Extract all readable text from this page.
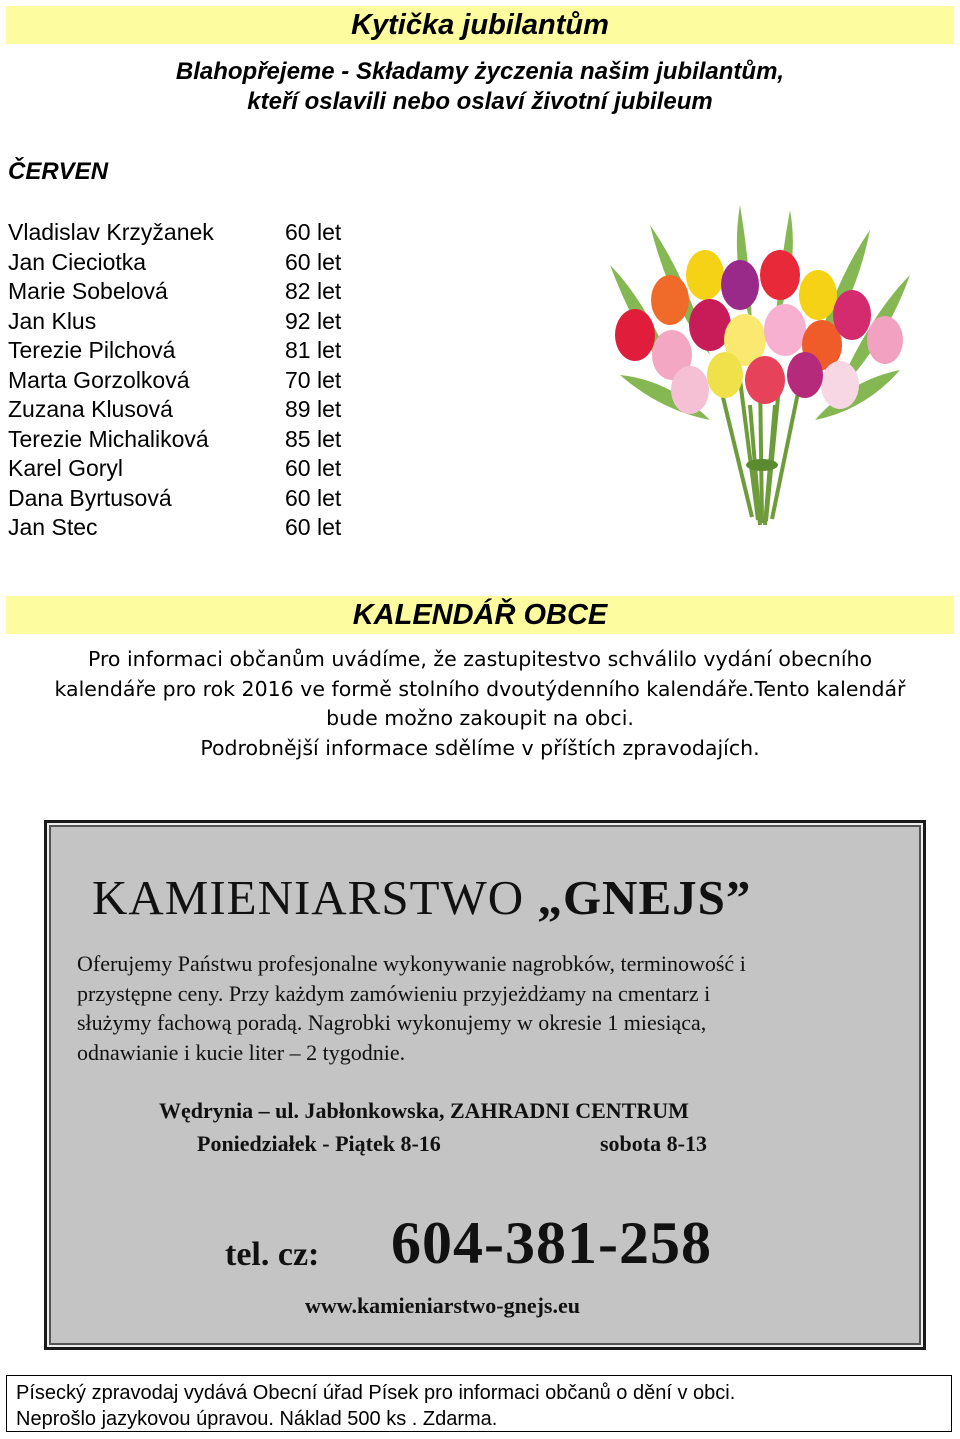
Kytička jubilantům
Blahopřejeme - Składamy życzenia našim jubilantům,
kteří oslavili nebo oslaví životní jubileum
ČERVEN
Vladislav Krzyžanek	60 let
Jan Cieciotka	60 let
Marie Sobelová	82 let
Jan Klus	92 let
Terezie Pilchová	81 let
Marta Gorzolková	70 let
Zuzana Klusová	89 let
Terezie Michaliková	85 let
Karel Goryl	60 let
Dana Byrtusová	60 let
Jan Stec	60 let
KALENDÁŘ OBCE
Pro informaci občanům uvádíme, že zastupitestvo schválilo vydání obecního
kalendáře pro rok 2016 ve formě stolního dvoutýdenního kalendáře.Tento kalendář
bude možno zakoupit na obci.
Podrobnější informace sdělíme v příštích zpravodajích.
KAMIENIARSTWO „GNEJS”
Oferujemy Państwu profesjonalne wykonywanie nagrobków, terminowość i
przystępne ceny. Przy każdym zamówieniu przyjeżdżamy na cmentarz i
służymy fachową poradą. Nagrobki wykonujemy w okresie 1 miesiąca,
odnawianie i kucie liter – 2 tygodnie.
Wędrynia – ul. Jabłonkowska, ZAHRADNI CENTRUM
Poniedziałek - Piątek 8-16	sobota 8-13
tel. cz: 604-381-258
www.kamieniarstwo-gnejs.eu
Písecký zpravodaj vydává Obecní úřad Písek pro informaci občanů o dění v obci.
Neprošlo jazykovou úpravou. Náklad 500 ks . Zdarma.
